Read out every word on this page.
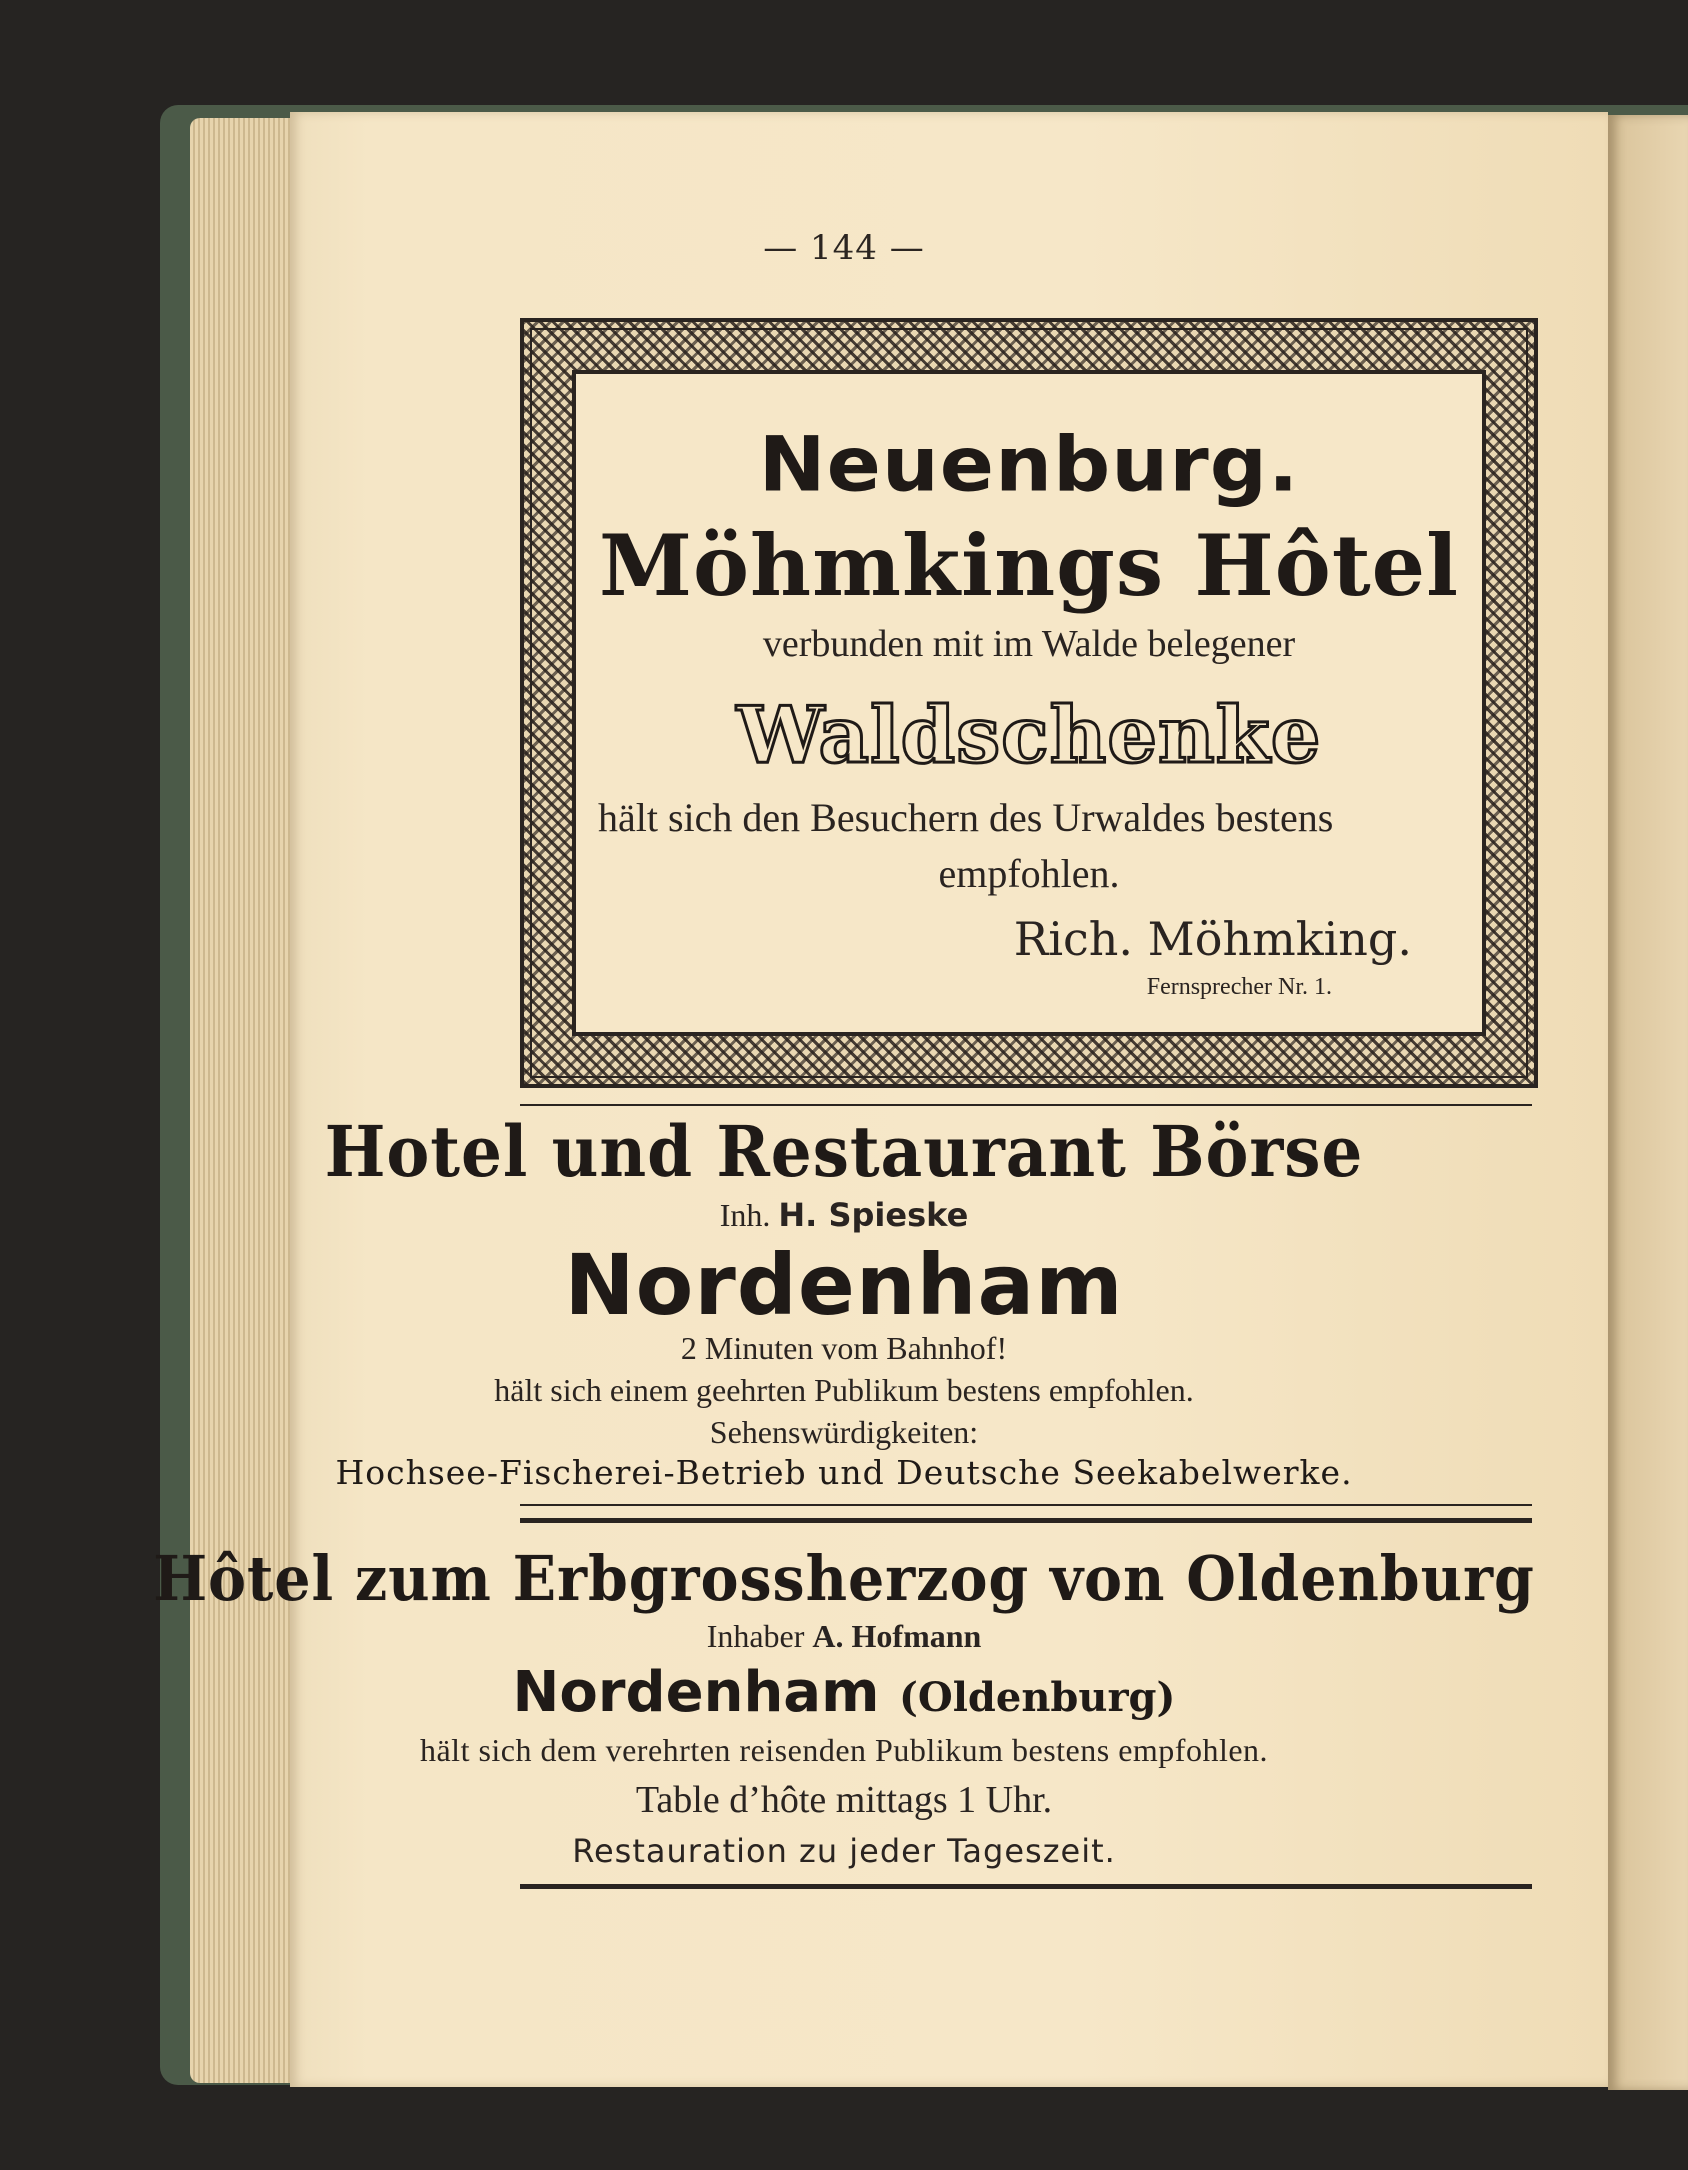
— 144 —
Neuenburg.
Möhmkings Hôtel
verbunden mit im Walde belegener
Waldschenke
hält sich den Besuchern des Urwaldes bestens
empfohlen.
Rich. Möhmking.
Fernsprecher Nr. 1.
Hotel und Restaurant Börse
Inh. H. Spieske
Nordenham
2 Minuten vom Bahnhof!
hält sich einem geehrten Publikum bestens empfohlen.
Sehenswürdigkeiten:
Hochsee-Fischerei-Betrieb und Deutsche Seekabelwerke.
Hôtel zum Erbgrossherzog von Oldenburg
Inhaber A. Hofmann
Nordenham (Oldenburg)
hält sich dem verehrten reisenden Publikum bestens empfohlen.
Table d’hôte mittags 1 Uhr.
Restauration zu jeder Tageszeit.
